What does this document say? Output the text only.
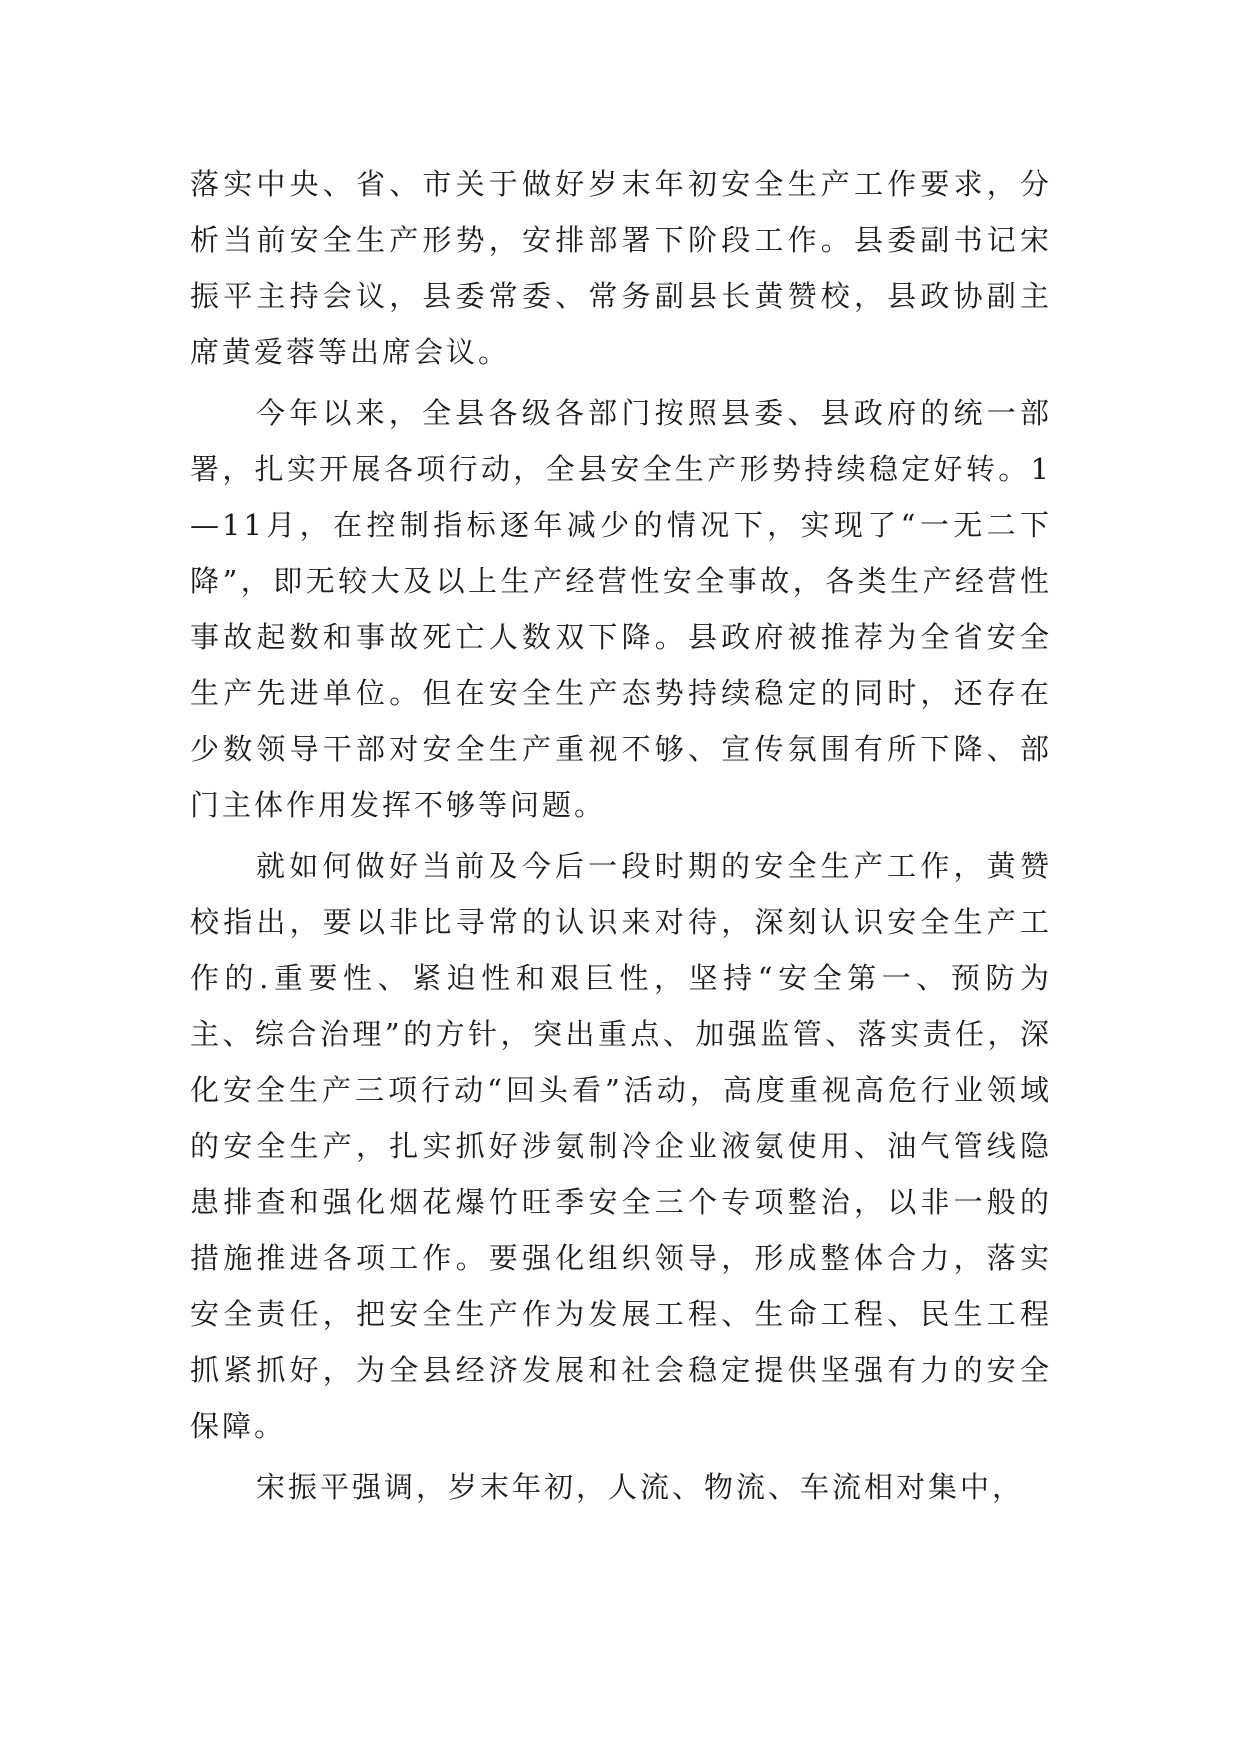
落实中央、省、市关于做好岁末年初安全生产工作要求，分析当前安全生产形势，安排部署下阶段工作。县委副书记宋振平主持会议，县委常委、常务副县长黄赞校，县政协副主席黄爱蓉等出席会议。

今年以来，全县各级各部门按照县委、县政府的统一部署，扎实开展各项行动，全县安全生产形势持续稳定好转。1—11月，在控制指标逐年减少的情况下，实现了“一无二下降”，即无较大及以上生产经营性安全事故，各类生产经营性事故起数和事故死亡人数双下降。县政府被推荐为全省安全生产先进单位。但在安全生产态势持续稳定的同时，还存在少数领导干部对安全生产重视不够、宣传氛围有所下降、部门主体作用发挥不够等问题。

就如何做好当前及今后一段时期的安全生产工作，黄赞校指出，要以非比寻常的认识来对待，深刻认识安全生产工作的.重要性、紧迫性和艰巨性，坚持“安全第一、预防为主、综合治理”的方针，突出重点、加强监管、落实责任，深化安全生产三项行动“回头看”活动，高度重视高危行业领域的安全生产，扎实抓好涉氨制冷企业液氨使用、油气管线隐患排查和强化烟花爆竹旺季安全三个专项整治，以非一般的措施推进各项工作。要强化组织领导，形成整体合力，落实安全责任，把安全生产作为发展工程、生命工程、民生工程抓紧抓好，为全县经济发展和社会稳定提供坚强有力的安全保障。

宋振平强调，岁末年初，人流、物流、车流相对集中，
